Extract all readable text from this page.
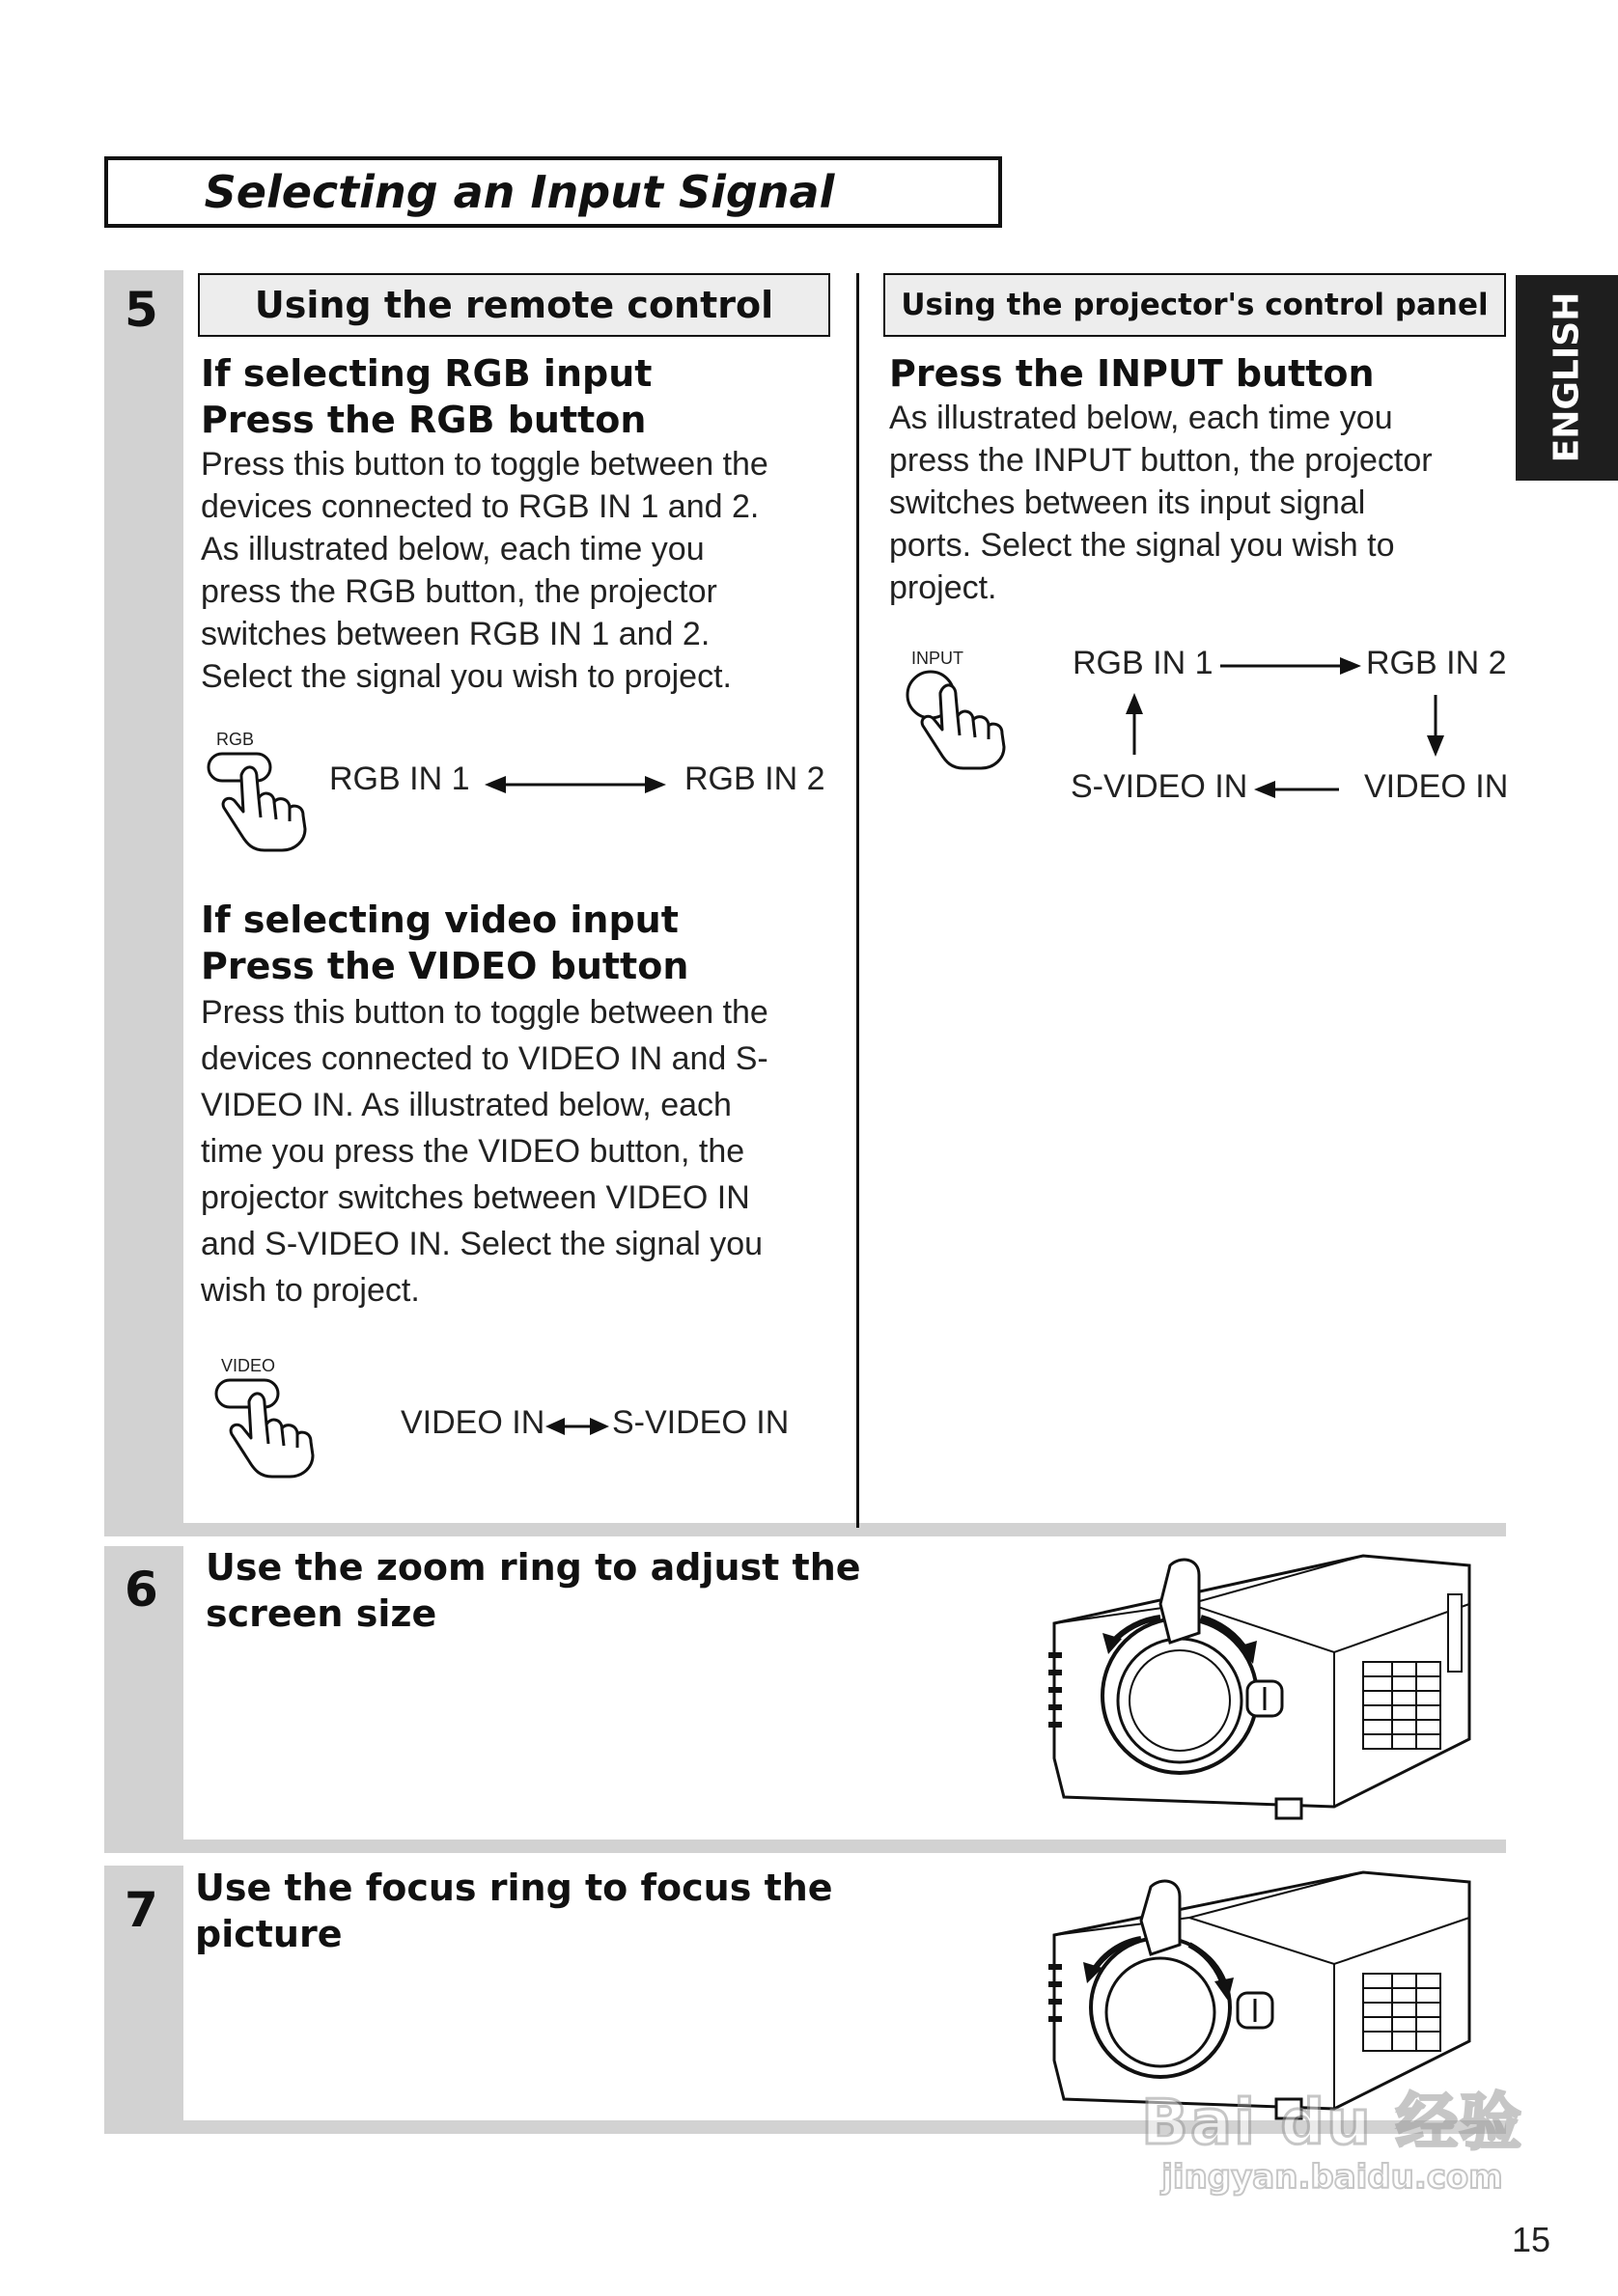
Selecting an Input Signal
ENGLISH
5	Using the remote control	Using the projector's control panel
If selecting RGB input
Press the RGB button
Press this button to toggle between the
devices connected to RGB IN 1 and 2.
As illustrated below, each time you
press the RGB button, the projector
switches between RGB IN 1 and 2.
Select the signal you wish to project.
RGB
RGB IN 1	RGB IN 2
If selecting video input
Press the VIDEO button
Press this button to toggle between the
devices connected to VIDEO IN and S-
VIDEO IN. As illustrated below, each
time you press the VIDEO button, the
projector switches between VIDEO IN
and S-VIDEO IN. Select the signal you
wish to project.
VIDEO
VIDEO IN S-VIDEO IN
Press the INPUT button
As illustrated below, each time you
press the INPUT button, the projector
switches between its input signal
ports. Select the signal you wish to
project.
INPUT	RGB IN 1	RGB IN 2
VIDEO IN
S-VIDEO IN
6 Use the zoom ring to adjust the
screen size
7 Use the focus ring to focus the
picture
Bai du 经验
jingyan.baidu.com
15
